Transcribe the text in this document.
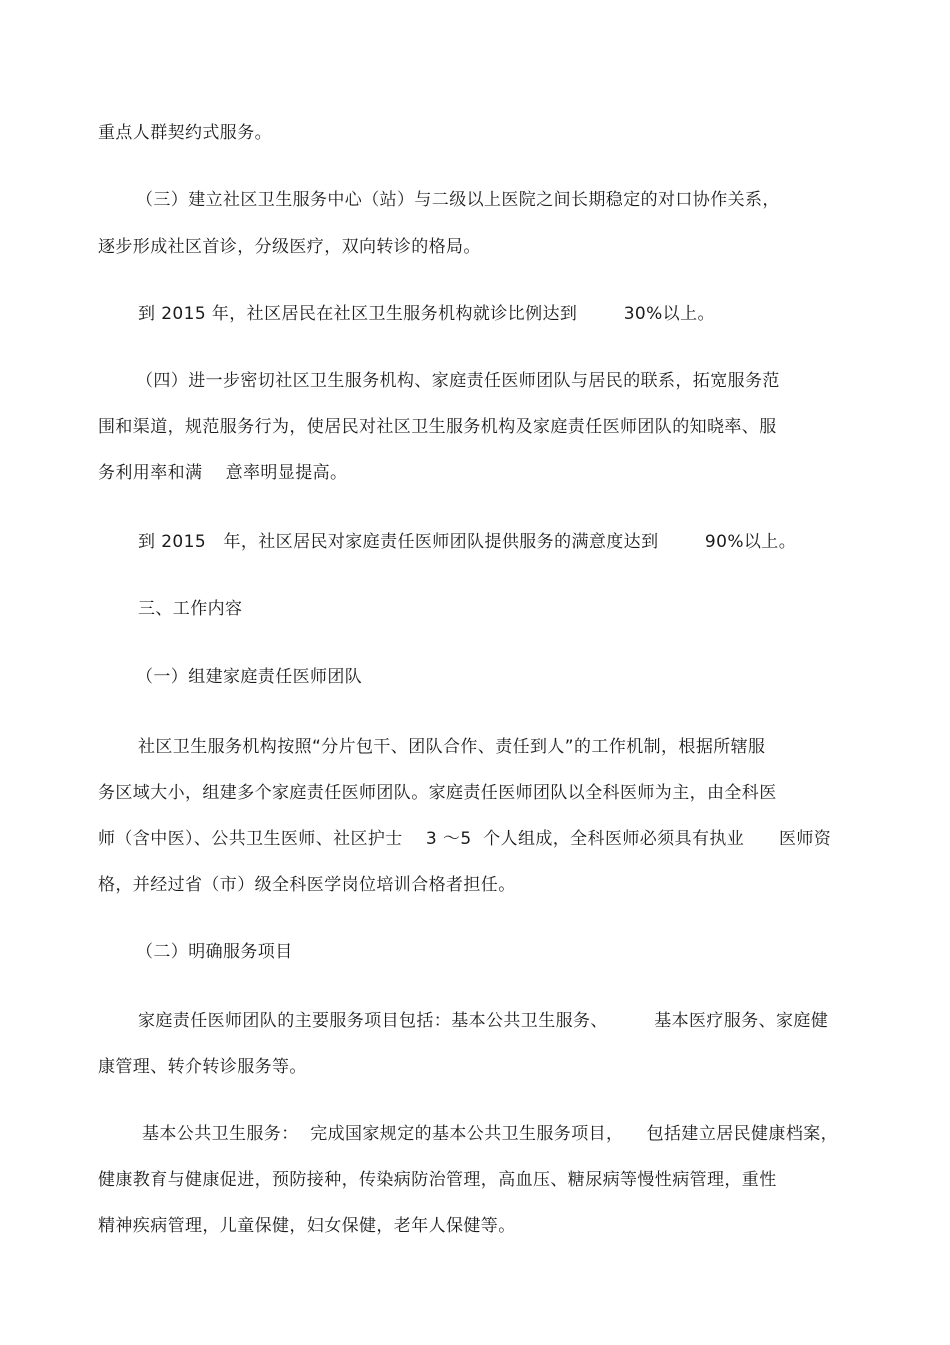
重点人群契约式服务。
（三）建立社区卫生服务中心（站）与二级以上医院之间长期稳定的对口协作关系，
逐步形成社区首诊，分级医疗，双向转诊的格局。
到 2015 年，社区居民在社区卫生服务机构就诊比例达到        30%以上。
（四）进一步密切社区卫生服务机构、家庭责任医师团队与居民的联系，拓宽服务范
围和渠道，规范服务行为，使居民对社区卫生服务机构及家庭责任医师团队的知晓率、服
务利用率和满    意率明显提高。
到 2015   年，社区居民对家庭责任医师团队提供服务的满意度达到        90%以上。
三、工作内容
（一）组建家庭责任医师团队
社区卫生服务机构按照“分片包干、团队合作、责任到人”的工作机制，根据所辖服
务区域大小，组建多个家庭责任医师团队。家庭责任医师团队以全科医师为主，由全科医
师（含中医）、公共卫生医师、社区护士    3 ～5  个人组成，全科医师必须具有执业      医师资
格，并经过省（市）级全科医学岗位培训合格者担任。
（二）明确服务项目
家庭责任医师团队的主要服务项目包括：基本公共卫生服务、        基本医疗服务、家庭健
康管理、转介转诊服务等。
基本公共卫生服务：  完成国家规定的基本公共卫生服务项目，    包括建立居民健康档案，
健康教育与健康促进，预防接种，传染病防治管理，高血压、糖尿病等慢性病管理，重性
精神疾病管理，儿童保健，妇女保健，老年人保健等。
